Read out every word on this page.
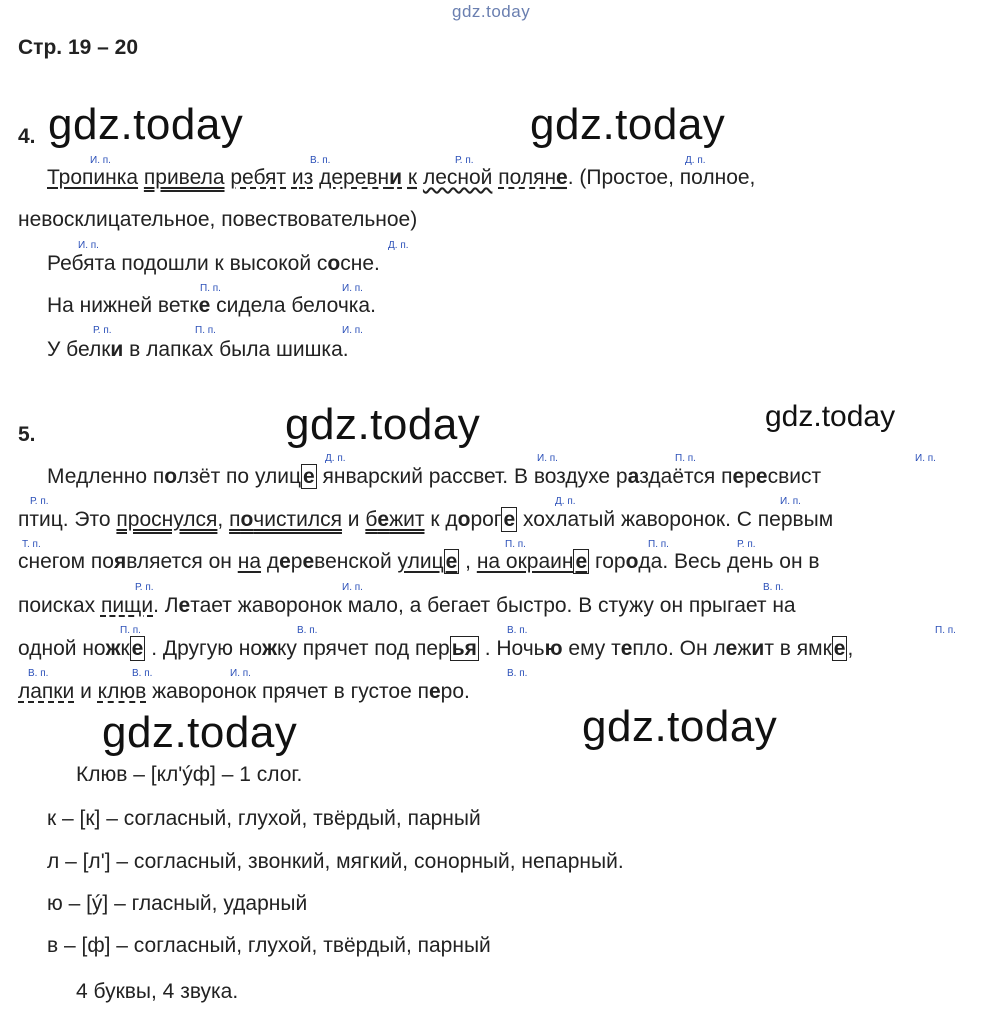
gdz.today
gdz.today	gdz.today
gdz.today	gdz.today
gdz.today	gdz.today
Стр. 19 – 20
4.
И. п.	В. п.	Р. п.	Д. п.
Тропинка привела ребят из деревни к лесной поляне. (Простое, полное,
невосклицательное, повествовательное)
И. п.	Д. п.
Ребята подошли к высокой сосне.
П. п.	И. п.
На нижней ветке сидела белочка.
Р. п.	П. п.	И. п.
У белки в лапках была шишка.
5.
Д. п.	И. п.	П. п.	И. п.
Медленно ползёт по улице январский рассвет. В воздухе раздаётся пересвист
Р. п.	Д. п.	И. п.
птиц. Это проснулся, почистился и бежит к дороге хохлатый жаворонок. С первым
Т. п.	П. п.	П. п.	Р. п.
снегом появляется он на деревенской улице , на окраине города. Весь день он в
Р. п.	И. п.	В. п.
поисках пищи. Летает жаворонок мало, а бегает быстро. В стужу он прыгает на
П. п.	В. п.	В. п.	П. п.
одной ножке . Другую ножку прячет под перья . Ночью ему тепло. Он лежит в ямке,
В. п.	В. п.	И. п.	В. п.
лапки и клюв жаворонок прячет в густое перо.
Клюв – [кл'ýф] – 1 слог.
к – [к] – согласный, глухой, твёрдый, парный
л – [л'] – согласный, звонкий, мягкий, сонорный, непарный.
ю – [ý] – гласный, ударный
в – [ф] – согласный, глухой, твёрдый, парный
4 буквы, 4 звука.
